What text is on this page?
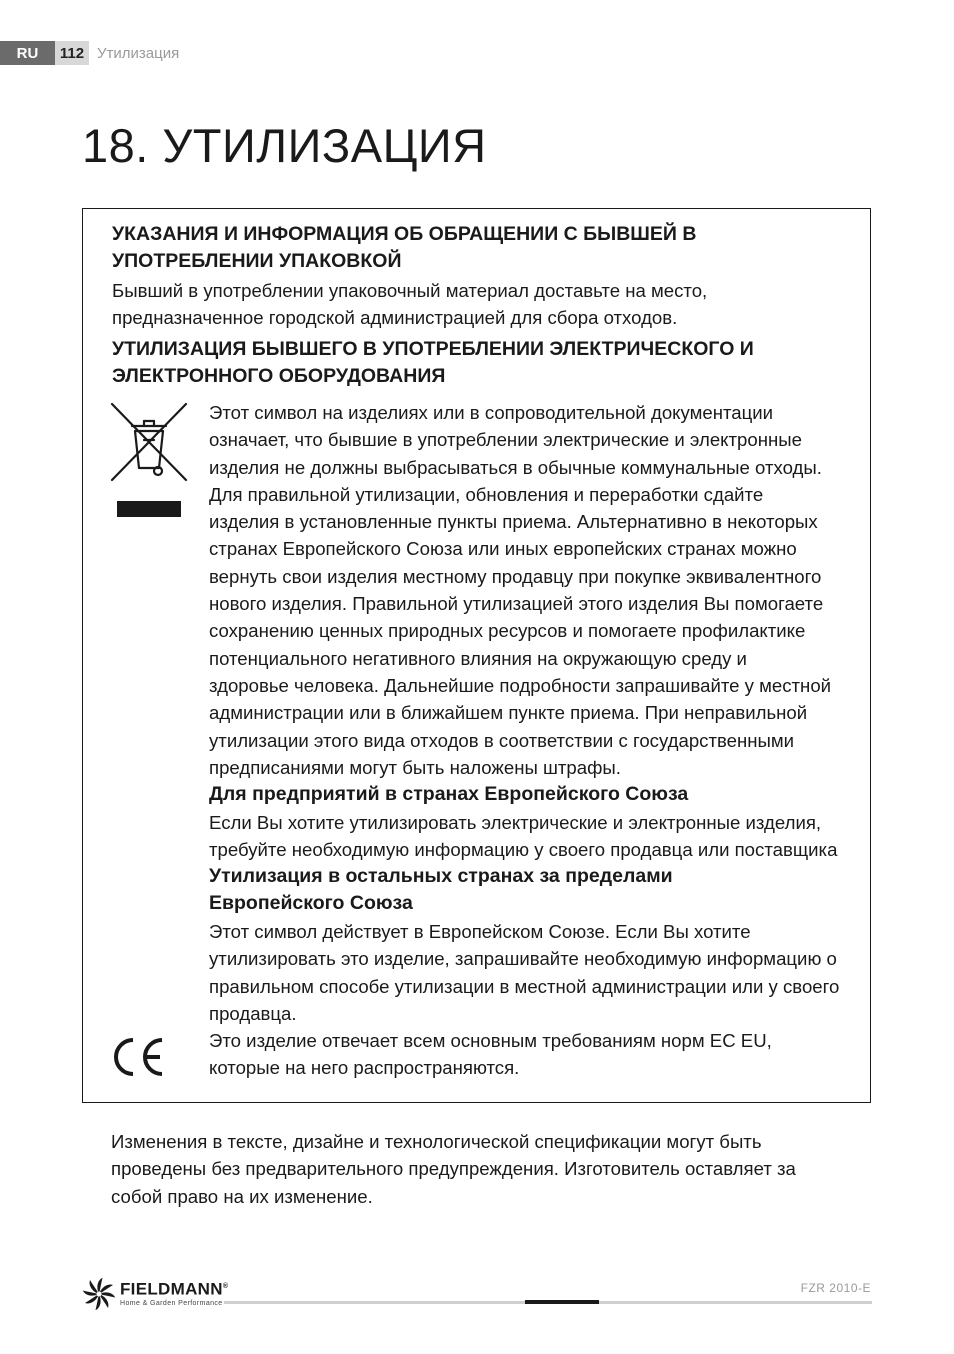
RU	112 Утилизация
18. УТИЛИЗАЦИЯ
УКАЗАНИЯ И ИНФОРМАЦИЯ ОБ ОБРАЩЕНИИ С БЫВШЕЙ В УПОТРЕБЛЕНИИ УПАКОВКОЙ
Бывший в употреблении упаковочный материал доставьте на место,
предназначенное городской администрацией для сбора отходов.
УТИЛИЗАЦИЯ БЫВШЕГО В УПОТРЕБЛЕНИИ ЭЛЕКТРИЧЕСКОГО И ЭЛЕКТРОННОГО ОБОРУДОВАНИЯ
Этот символ на изделиях или в сопроводительной документации
означает, что бывшие в употреблении электрические и электронные
изделия не должны выбрасываться в обычные коммунальные отходы.
Для правильной утилизации, обновления и переработки сдайте
изделия в установленные пункты приема. Альтернативно в некоторых
странах Европейского Союза или иных европейских странах можно
вернуть свои изделия местному продавцу при покупке эквивалентного
нового изделия. Правильной утилизацией этого изделия Вы помогаете
сохранению ценных природных ресурсов и помогаете профилактике
потенциального негативного влияния на окружающую среду и
здоровье человека. Дальнейшие подробности запрашивайте у местной
администрации или в ближайшем пункте приема. При неправильной
утилизации этого вида отходов в соответствии с государственными
предписаниями могут быть наложены штрафы.
Для предприятий в странах Европейского Союза
Если Вы хотите утилизировать электрические и электронные изделия,
требуйте необходимую информацию у своего продавца или поставщика
Утилизация в остальных странах за пределами
Европейского Союза
Этот символ действует в Европейском Союзе. Если Вы хотите
утилизировать это изделие, запрашивайте необходимую информацию о
правильном способе утилизации в местной администрации или у своего
продавца.
Это изделие отвечает всем основным требованиям норм ЕС EU,
которые на него распространяются.
Изменения в тексте, дизайне и технологической спецификации могут быть
проведены без предварительного предупреждения. Изготовитель оставляет за
собой право на их изменение.
FIELDMANN®
Home & Garden Performance
FZR 2010-E
